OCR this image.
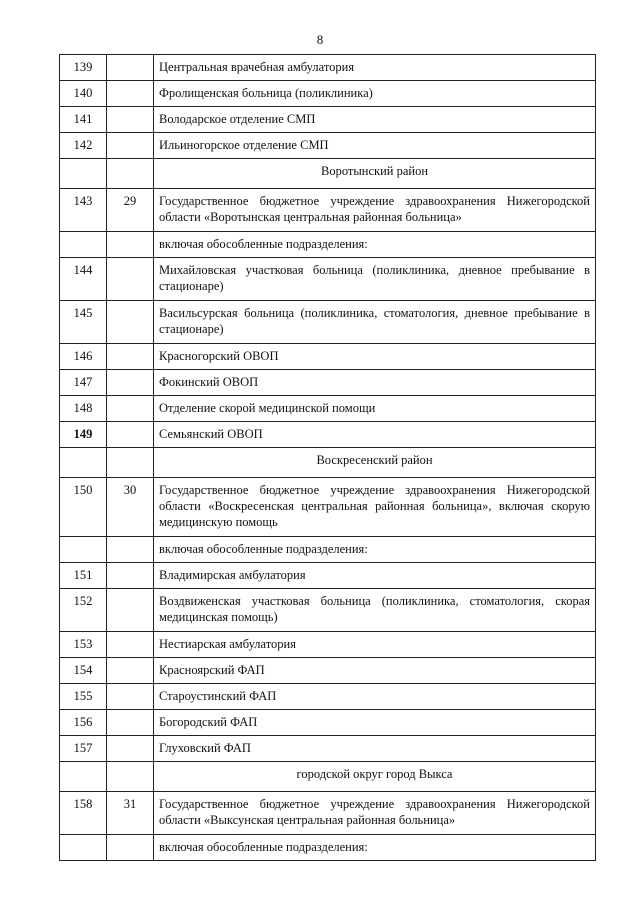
8
139		Центральная врачебная амбулатория
140		Фролищенская больница (поликлиника)
141		Володарское отделение СМП
142		Ильиногорское отделение СМП
		Воротынский район
143	29	Государственное бюджетное учреждение здравоохранения Нижегородской области «Воротынская центральная районная больница»
		включая обособленные подразделения:
144		Михайловская участковая больница (поликлиника, дневное пребывание в стационаре)
145		Васильсурская больница (поликлиника, стоматология, дневное пребывание в стационаре)
146		Красногорский ОВОП
147		Фокинский ОВОП
148		Отделение скорой медицинской помощи
149		Семьянский ОВОП
		Воскресенский район
150	30	Государственное бюджетное учреждение здравоохранения Нижегородской области «Воскресенская центральная районная больница», включая скорую медицинскую помощь
		включая обособленные подразделения:
151		Владимирская амбулатория
152		Воздвиженская участковая больница (поликлиника, стоматология, скорая медицинская помощь)
153		Нестиарская амбулатория
154		Красноярский ФАП
155		Староустинский ФАП
156		Богородский ФАП
157		Глуховский ФАП
		городской округ город Выкса
158	31	Государственное бюджетное учреждение здравоохранения Нижегородской области «Выксунская центральная районная больница»
		включая обособленные подразделения:
